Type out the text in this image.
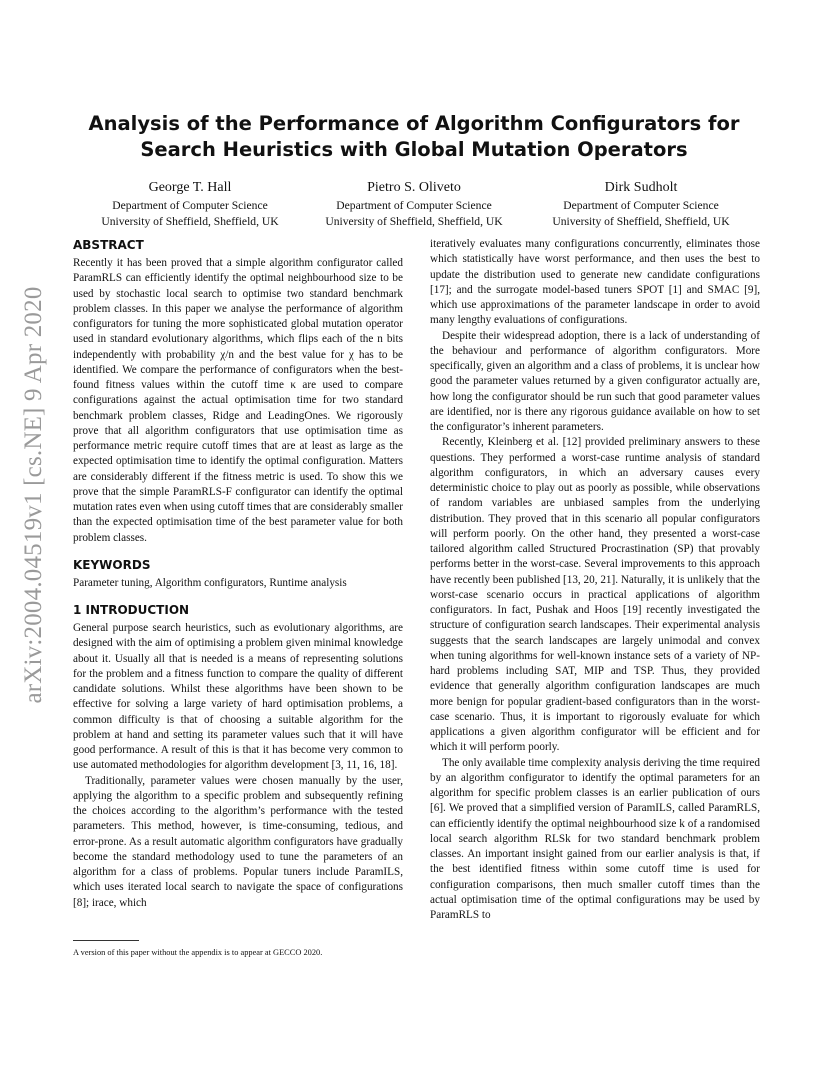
arXiv:2004.04519v1 [cs.NE] 9 Apr 2020
Analysis of the Performance of Algorithm Configurators for
Search Heuristics with Global Mutation Operators
George T. Hall
Department of Computer Science
University of Sheffield, Sheffield, UK
Pietro S. Oliveto
Department of Computer Science
University of Sheffield, Sheffield, UK
Dirk Sudholt
Department of Computer Science
University of Sheffield, Sheffield, UK
ABSTRACT

Recently it has been proved that a simple algorithm configurator called ParamRLS can efficiently identify the optimal neighbourhood size to be used by stochastic local search to optimise two standard benchmark problem classes. In this paper we analyse the performance of algorithm configurators for tuning the more sophisticated global mutation operator used in standard evolutionary algorithms, which flips each of the n bits independently with probability χ/n and the best value for χ has to be identified. We compare the performance of configurators when the best-found fitness values within the cutoff time κ are used to compare configurations against the actual optimisation time for two standard benchmark problem classes, Ridge and LeadingOnes. We rigorously prove that all algorithm configurators that use optimisation time as performance metric require cutoff times that are at least as large as the expected optimisation time to identify the optimal configuration. Matters are considerably different if the fitness metric is used. To show this we prove that the simple ParamRLS-F configurator can identify the optimal mutation rates even when using cutoff times that are considerably smaller than the expected optimisation time of the best parameter value for both problem classes.

KEYWORDS

Parameter tuning, Algorithm configurators, Runtime analysis

1 INTRODUCTION

General purpose search heuristics, such as evolutionary algorithms, are designed with the aim of optimising a problem given minimal knowledge about it. Usually all that is needed is a means of representing solutions for the problem and a fitness function to compare the quality of different candidate solutions. Whilst these algorithms have been shown to be effective for solving a large variety of hard optimisation problems, a common difficulty is that of choosing a suitable algorithm for the problem at hand and setting its parameter values such that it will have good performance. A result of this is that it has become very common to use automated methodologies for algorithm development [3, 11, 16, 18].

Traditionally, parameter values were chosen manually by the user, applying the algorithm to a specific problem and subsequently refining the choices according to the algorithm’s performance with the tested parameters. This method, however, is time-consuming, tedious, and error-prone. As a result automatic algorithm configurators have gradually become the standard methodology used to tune the parameters of an algorithm for a class of problems. Popular tuners include ParamILS, which uses iterated local search to navigate the space of configurations [8]; irace, which

iteratively evaluates many configurations concurrently, eliminates those which statistically have worst performance, and then uses the best to update the distribution used to generate new candidate configurations [17]; and the surrogate model-based tuners SPOT [1] and SMAC [9], which use approximations of the parameter landscape in order to avoid many lengthy evaluations of configurations.

Despite their widespread adoption, there is a lack of understanding of the behaviour and performance of algorithm configurators. More specifically, given an algorithm and a class of problems, it is unclear how good the parameter values returned by a given configurator actually are, how long the configurator should be run such that good parameter values are identified, nor is there any rigorous guidance available on how to set the configurator’s inherent parameters.

Recently, Kleinberg et al. [12] provided preliminary answers to these questions. They performed a worst-case runtime analysis of standard algorithm configurators, in which an adversary causes every deterministic choice to play out as poorly as possible, while observations of random variables are unbiased samples from the underlying distribution. They proved that in this scenario all popular configurators will perform poorly. On the other hand, they presented a worst-case tailored algorithm called Structured Procrastination (SP) that provably performs better in the worst-case. Several improvements to this approach have recently been published [13, 20, 21]. Naturally, it is unlikely that the worst-case scenario occurs in practical applications of algorithm configurators. In fact, Pushak and Hoos [19] recently investigated the structure of configuration search landscapes. Their experimental analysis suggests that the search landscapes are largely unimodal and convex when tuning algorithms for well-known instance sets of a variety of NP-hard problems including SAT, MIP and TSP. Thus, they provided evidence that generally algorithm configuration landscapes are much more benign for popular gradient-based configurators than in the worst-case scenario. Thus, it is important to rigorously evaluate for which applications a given algorithm configurator will be efficient and for which it will perform poorly.

The only available time complexity analysis deriving the time required by an algorithm configurator to identify the optimal parameters for an algorithm for specific problem classes is an earlier publication of ours [6]. We proved that a simplified version of ParamILS, called ParamRLS, can efficiently identify the optimal neighbourhood size k of a randomised local search algorithm RLSk for two standard benchmark problem classes. An important insight gained from our earlier analysis is that, if the best identified fitness within some cutoff time is used for configuration comparisons, then much smaller cutoff times than the actual optimisation time of the optimal configurations may be used by ParamRLS to

A version of this paper without the appendix is to appear at GECCO 2020.
